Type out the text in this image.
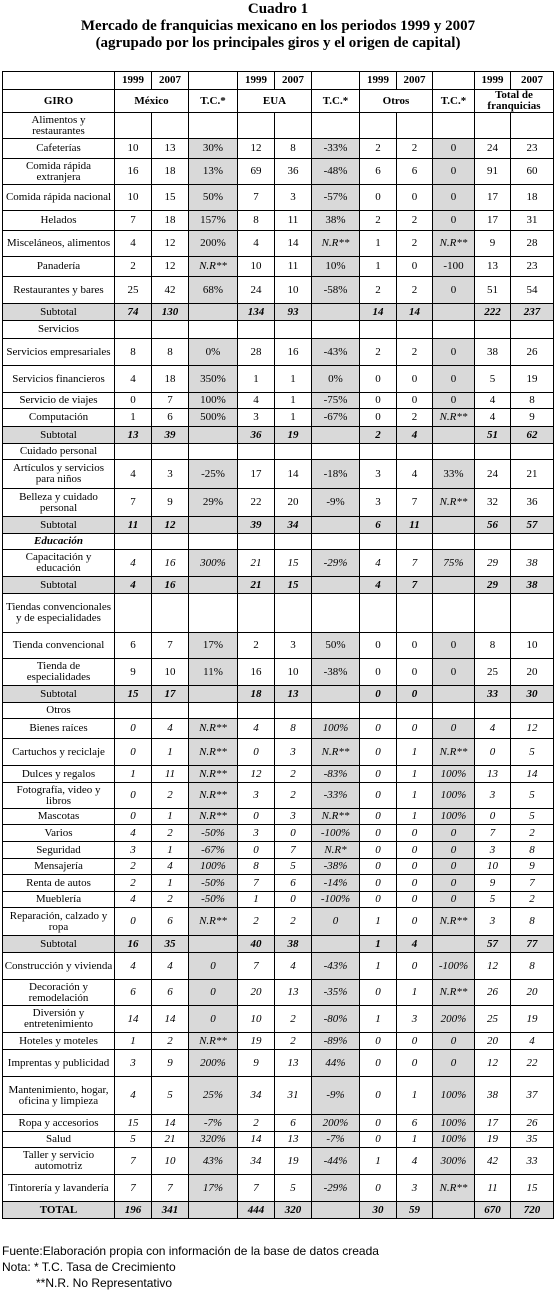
Cuadro 1
Mercado de franquicias mexicano en los periodos 1999 y 2007
(agrupado por los principales giros y el origen de capital)
	1999	2007		1999	2007		1999	2007		1999	2007
GIRO	México		T.C.*	EUA		T.C.*	Otros		T.C.*	Total de franquicias	
Alimentos y restaurantes											
Cafeterías	10	13	30%	12	8	-33%	2	2	0	24	23
Comida rápida extranjera	16	18	13%	69	36	-48%	6	6	0	91	60
Comida rápida nacional	10	15	50%	7	3	-57%	0	0	0	17	18
Helados	7	18	157%	8	11	38%	2	2	0	17	31
Misceláneos, alimentos	4	12	200%	4	14	N.R**	1	2	N.R**	9	28
Panadería	2	12	N.R**	10	11	10%	1	0	-100	13	23
Restaurantes y bares	25	42	68%	24	10	-58%	2	2	0	51	54
Subtotal	74	130		134	93		14	14		222	237
Servicios											
Servicios empresariales	8	8	0%	28	16	-43%	2	2	0	38	26
Servicios financieros	4	18	350%	1	1	0%	0	0	0	5	19
Servicio de viajes	0	7	100%	4	1	-75%	0	0	0	4	8
Computación	1	6	500%	3	1	-67%	0	2	N.R**	4	9
Subtotal	13	39		36	19		2	4		51	62
Cuidado personal											
Artículos y servicios para niños	4	3	-25%	17	14	-18%	3	4	33%	24	21
Belleza y cuidado personal	7	9	29%	22	20	-9%	3	7	N.R**	32	36
Subtotal	11	12		39	34		6	11		56	57
Educación											
Capacitación y educación	4	16	300%	21	15	-29%	4	7	75%	29	38
Subtotal	4	16		21	15		4	7		29	38
Tiendas convencionales y de especialidades											
Tienda convencional	6	7	17%	2	3	50%	0	0	0	8	10
Tienda de especialidades	9	10	11%	16	10	-38%	0	0	0	25	20
Subtotal	15	17		18	13		0	0		33	30
Otros											
Bienes raíces	0	4	N.R**	4	8	100%	0	0	0	4	12
Cartuchos y reciclaje	0	1	N.R**	0	3	N.R**	0	1	N.R**	0	5
Dulces y regalos	1	11	N.R**	12	2	-83%	0	1	100%	13	14
Fotografía, video y libros	0	2	N.R**	3	2	-33%	0	1	100%	3	5
Mascotas	0	1	N.R**	0	3	N.R**	0	1	100%	0	5
Varios	4	2	-50%	3	0	-100%	0	0	0	7	2
Seguridad	3	1	-67%	0	7	N.R*	0	0	0	3	8
Mensajería	2	4	100%	8	5	-38%	0	0	0	10	9
Renta de autos	2	1	-50%	7	6	-14%	0	0	0	9	7
Mueblería	4	2	-50%	1	0	-100%	0	0	0	5	2
Reparación, calzado y ropa	0	6	N.R**	2	2	0	1	0	N.R**	3	8
Subtotal	16	35		40	38		1	4		57	77
Construcción y vivienda	4	4	0	7	4	-43%	1	0	-100%	12	8
Decoración y remodelación	6	6	0	20	13	-35%	0	1	N.R**	26	20
Diversión y entretenimiento	14	14	0	10	2	-80%	1	3	200%	25	19
Hoteles y moteles	1	2	N.R**	19	2	-89%	0	0	0	20	4
Imprentas y publicidad	3	9	200%	9	13	44%	0	0	0	12	22
Mantenimiento, hogar, oficina y limpieza	4	5	25%	34	31	-9%	0	1	100%	38	37
Ropa y accesorios	15	14	-7%	2	6	200%	0	6	100%	17	26
Salud	5	21	320%	14	13	-7%	0	1	100%	19	35
Taller y servicio automotriz	7	10	43%	34	19	-44%	1	4	300%	42	33
Tintorería y lavandería	7	7	17%	7	5	-29%	0	3	N.R**	11	15
TOTAL	196	341		444	320		30	59		670	720
Fuente:Elaboración propia con información de la base de datos creada
Nota: * T.C. Tasa de Crecimiento
**N.R. No Representativo
